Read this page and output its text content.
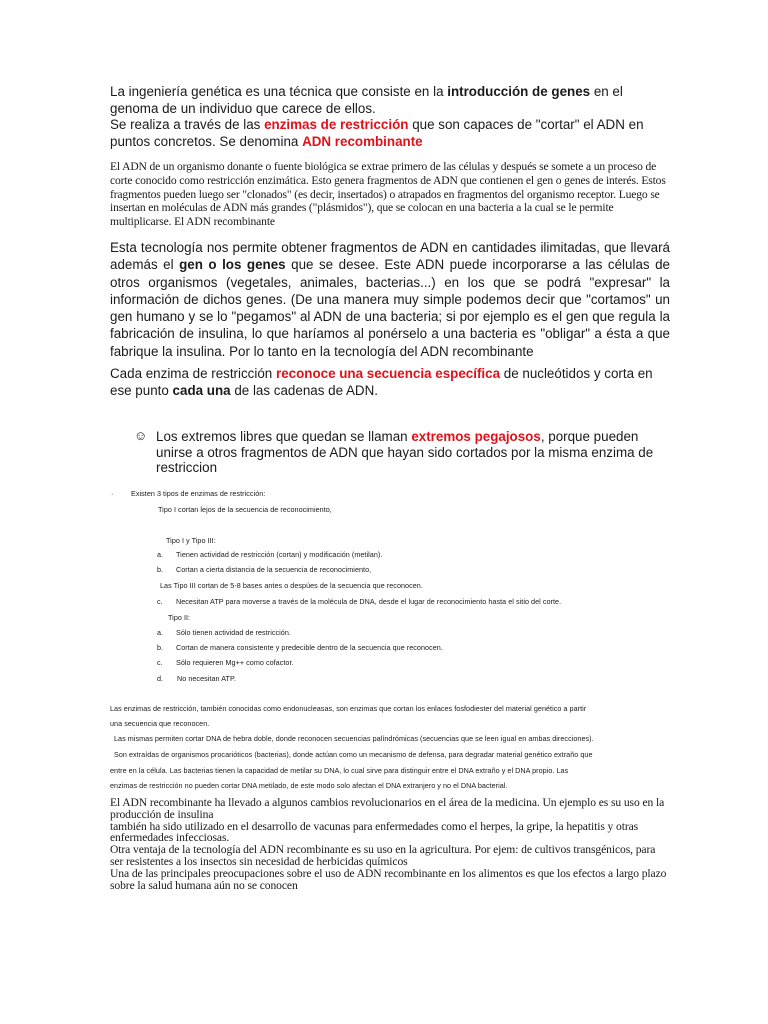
La ingeniería genética es una técnica que consiste en la introducción de genes en el genoma de un individuo que carece de ellos.
Se realiza a través de las enzimas de restricción que son capaces de "cortar" el ADN en puntos concretos. Se denomina ADN recombinante

El ADN de un organismo donante o fuente biológica se extrae primero de las células y después se somete a un proceso de corte conocido como restricción enzimática. Esto genera fragmentos de ADN que contienen el gen o genes de interés. Estos fragmentos pueden luego ser "clonados" (es decir, insertados) o atrapados en fragmentos del organismo receptor. Luego se insertan en moléculas de ADN más grandes ("plásmidos"), que se colocan en una bacteria a la cual se le permite multiplicarse. El ADN recombinante

Esta tecnología nos permite obtener fragmentos de ADN en cantidades ilimitadas, que llevará además el gen o los genes que se desee. Este ADN puede incorporarse a las células de otros organismos (vegetales, animales, bacterias...) en los que se podrá "expresar" la información de dichos genes. (De una manera muy simple podemos decir que "cortamos" un gen humano y se lo "pegamos" al ADN de una bacteria; si por ejemplo es el gen que regula la fabricación de insulina, lo que haríamos al ponérselo a una bacteria es "obligar" a ésta a que fabrique la insulina. Por lo tanto en la tecnología del ADN recombinante

Cada enzima de restricción reconoce una secuencia específica de nucleótidos y corta en ese punto cada una de las cadenas de ADN.

☺ Los extremos libres que quedan se llaman extremos pegajosos, porque pueden unirse a otros fragmentos de ADN que hayan sido cortados por la misma enzima de restriccion
· Existen 3 tipos de enzimas de restricción:
Tipo I cortan lejos de la secuencia de reconocimiento,
Tipo I y Tipo III:
a. Tienen actividad de restricción (cortan) y modificación (metilan).
b. Cortan a cierta distancia de la secuencia de reconocimiento,
Las Tipo III cortan de 5-8 bases antes o despúes de la secuencia que reconocen.
c. Necesitan ATP para moverse a través de la molécula de DNA, desde el lugar de reconocimiento hasta el sitio del corte.
Tipo II:
a. Sólo tienen actividad de restricción.
b. Cortan de manera consistente y predecible dentro de la secuencia que reconocen.
c. Sólo requieren Mg++ como cofactor.
d. No necesitan ATP.
Las enzimas de restricción, también conocidas como endonucleasas, son enzimas que cortan los enlaces fosfodiester del material genético a partir
una secuencia que reconocen.
Las mismas permiten cortar DNA de hebra doble, donde reconocen secuencias palíndrómicas (secuencias que se leen igual en ambas direcciones).
Son extraídas de organismos procarióticos (bacterias), donde actúan como un mecanismo de defensa, para degradar material genético extraño que
entre en la célula. Las bacterias tienen la capacidad de metilar su DNA, lo cual sirve para distinguir entre el DNA extraño y el DNA propio. Las
enzimas de restricción no pueden cortar DNA metilado, de este modo solo afectan el DNA extranjero y no el DNA bacterial.

El ADN recombinante ha llevado a algunos cambios revolucionarios en el área de la medicina. Un ejemplo es su uso en la producción de insulina
también ha sido utilizado en el desarrollo de vacunas para enfermedades como el herpes, la gripe, la hepatitis y otras enfermedades infecciosas.
Otra ventaja de la tecnología del ADN recombinante es su uso en la agricultura. Por ejem: de cultivos transgénicos, para ser resistentes a los insectos sin necesidad de herbicidas químicos
Una de las principales preocupaciones sobre el uso de ADN recombinante en los alimentos es que los efectos a largo plazo sobre la salud humana aún no se conocen
